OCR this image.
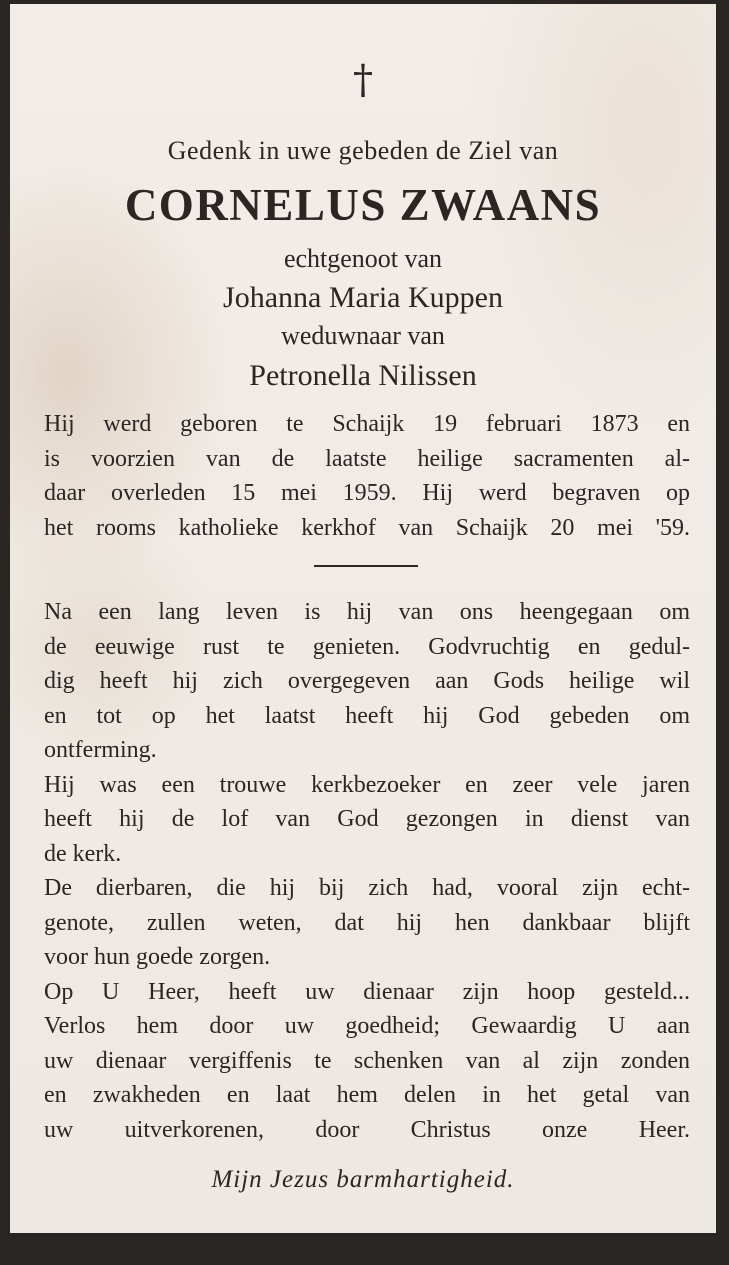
†
Gedenk in uwe gebeden de Ziel van
CORNELUS ZWAANS
echtgenoot van
Johanna Maria Kuppen
weduwnaar van
Petronella Nilissen
Hij werd geboren te Schaijk 19 februari 1873 en
is voorzien van de laatste heilige sacramenten al-
daar overleden 15 mei 1959. Hij werd begraven op
het rooms katholieke kerkhof van Schaijk 20 mei '59.
Na een lang leven is hij van ons heengegaan om
de eeuwige rust te genieten. Godvruchtig en gedul-
dig heeft hij zich overgegeven aan Gods heilige wil
en tot op het laatst heeft hij God gebeden om
ontferming.
Hij was een trouwe kerkbezoeker en zeer vele jaren
heeft hij de lof van God gezongen in dienst van
de kerk.
De dierbaren, die hij bij zich had, vooral zijn echt-
genote, zullen weten, dat hij hen dankbaar blijft
voor hun goede zorgen.
Op U Heer, heeft uw dienaar zijn hoop gesteld...
Verlos hem door uw goedheid; Gewaardig U aan
uw dienaar vergiffenis te schenken van al zijn zonden
en zwakheden en laat hem delen in het getal van
uw uitverkorenen, door Christus onze Heer.
Mijn Jezus barmhartigheid.
